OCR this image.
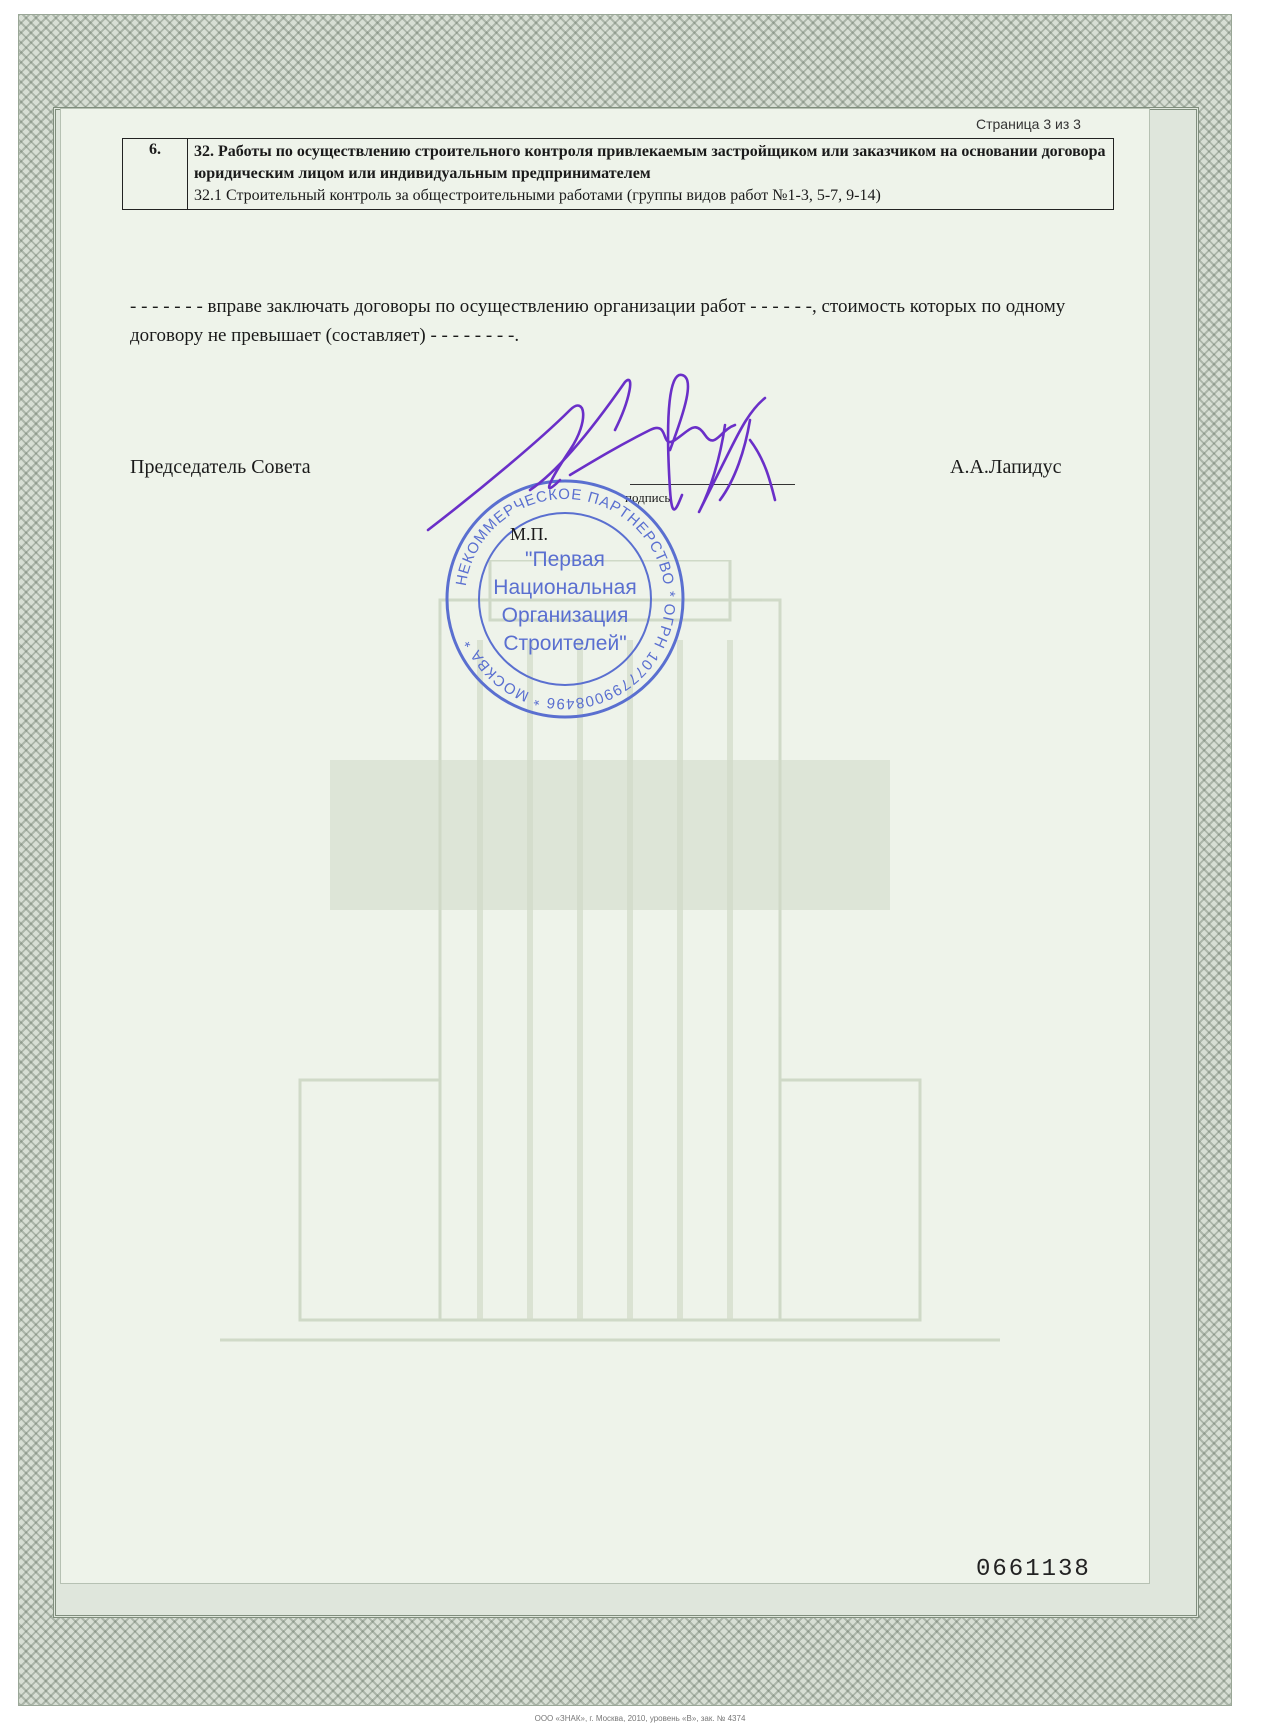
Страница 3 из 3
6.	32. Работы по осуществлению строительного контроля привлекаемым застройщиком или заказчиком на основании договора юридическим лицом или индивидуальным предпринимателем
32.1 Строительный контроль за общестроительными работами (группы видов работ №1-3, 5-7, 9-14)
- - - - - - - вправе заключать договоры по осуществлению организации работ - - - - - -, стоимость которых по одному договору не превышает (составляет) - - - - - - - -.
Председатель Совета	А.А.Лапидус
подпись
НЕКОММЕРЧЕСКОЕ ПАРТНЕРСТВО * ОГРН 1077799008496 * МОСКВА *
"Первая
Национальная
Организация
Строителей"
М.П.
0661138
ООО «ЗНАК», г. Москва, 2010, уровень «В», зак. № 4374
